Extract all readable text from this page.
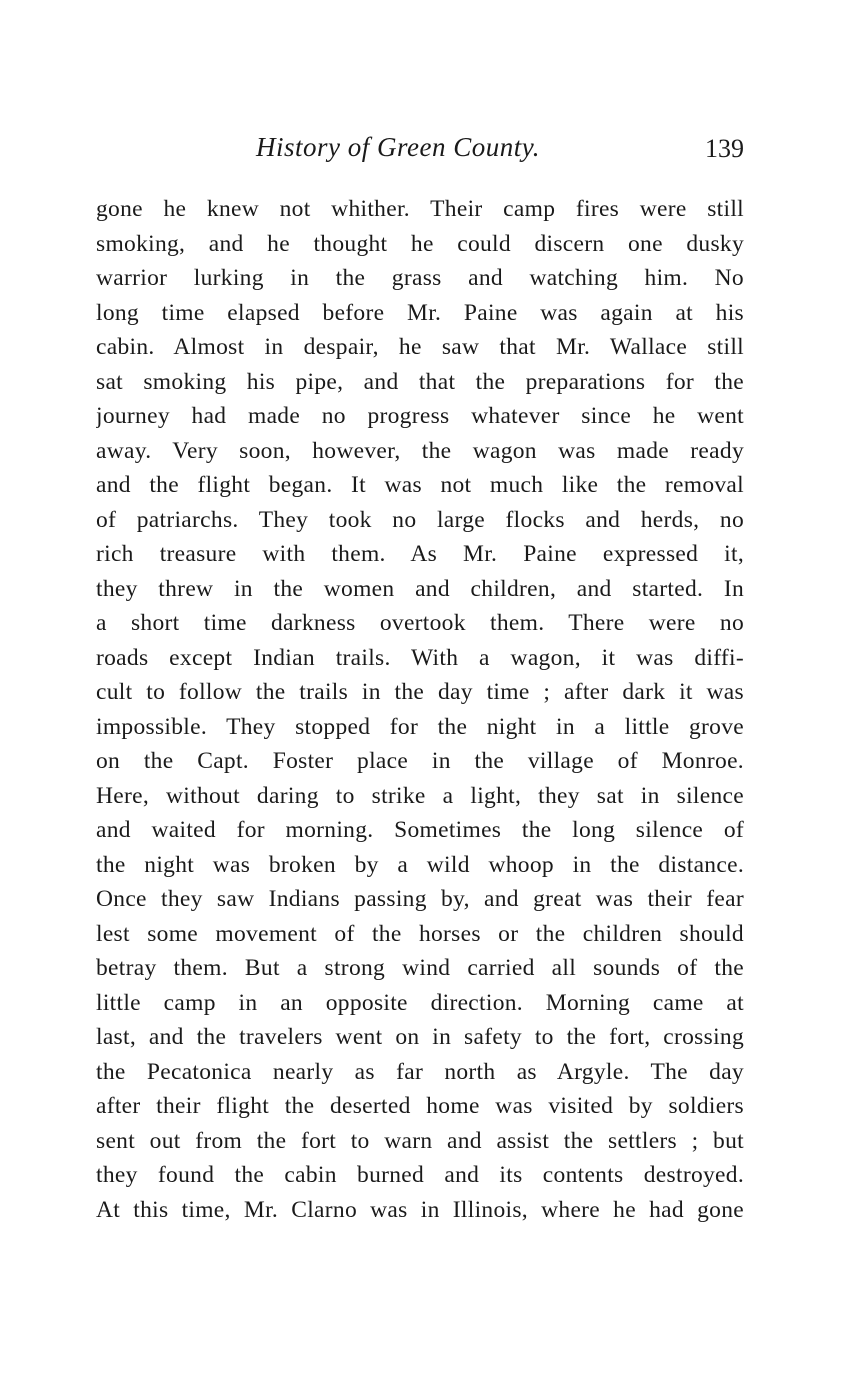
History of Green County.	139
gone he knew not whither. Their camp fires were still
smoking, and he thought he could discern one dusky
warrior lurking in the grass and watching him. No
long time elapsed before Mr. Paine was again at his
cabin. Almost in despair, he saw that Mr. Wallace still
sat smoking his pipe, and that the preparations for the
journey had made no progress whatever since he went
away. Very soon, however, the wagon was made ready
and the flight began. It was not much like the removal
of patriarchs. They took no large flocks and herds, no
rich treasure with them. As Mr. Paine expressed it,
they threw in the women and children, and started. In
a short time darkness overtook them. There were no
roads except Indian trails. With a wagon, it was diffi-
cult to follow the trails in the day time ; after dark it was
impossible. They stopped for the night in a little grove
on the Capt. Foster place in the village of Monroe.
Here, without daring to strike a light, they sat in silence
and waited for morning. Sometimes the long silence of
the night was broken by a wild whoop in the distance.
Once they saw Indians passing by, and great was their fear
lest some movement of the horses or the children should
betray them. But a strong wind carried all sounds of the
little camp in an opposite direction. Morning came at
last, and the travelers went on in safety to the fort, crossing
the Pecatonica nearly as far north as Argyle. The day
after their flight the deserted home was visited by soldiers
sent out from the fort to warn and assist the settlers ; but
they found the cabin burned and its contents destroyed.
At this time, Mr. Clarno was in Illinois, where he had gone
